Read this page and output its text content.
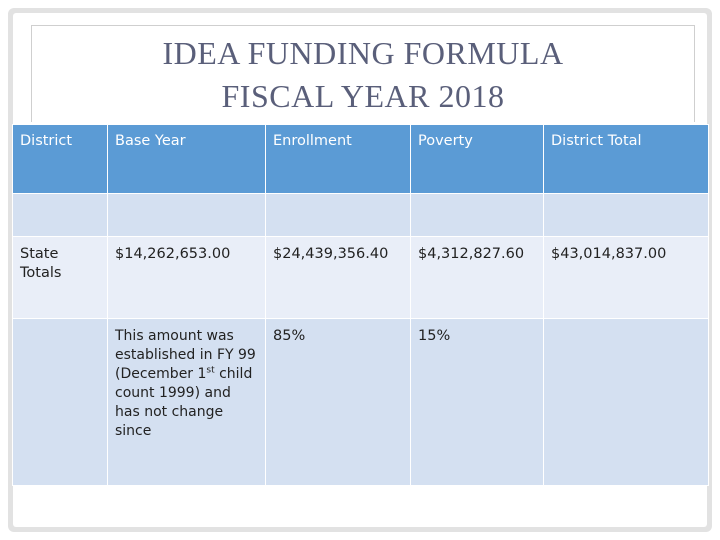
IDEA FUNDING FORMULA
FISCAL YEAR 2018
District	Base Year	Enrollment	Poverty	District Total

State Totals	$14,262,653.00	$24,439,356.40	$4,312,827.60	$43,014,837.00
	This amount was established in FY 99 (December 1st child count 1999) and has not change since	85%	15%	
